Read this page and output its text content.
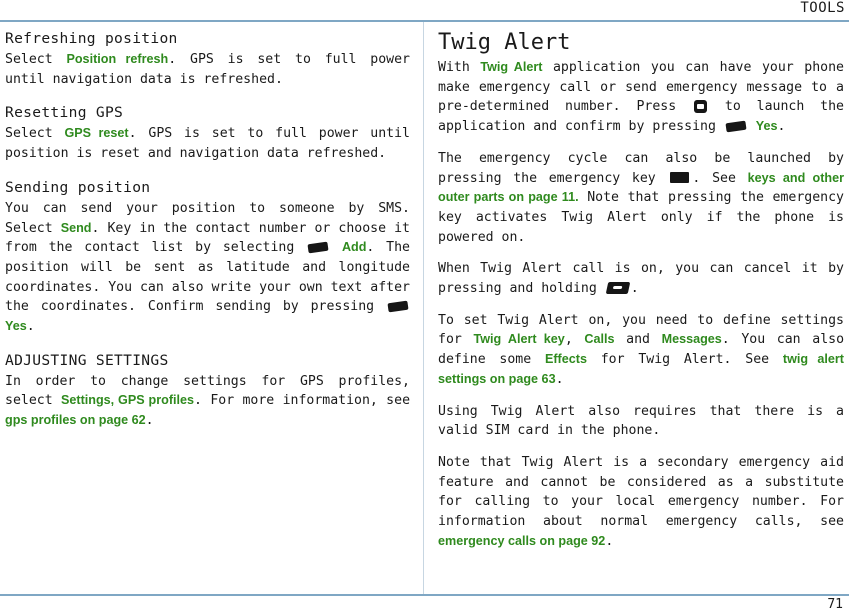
TOOLS
Refreshing position

Select Position refresh. GPS is set to full power until navigation data is refreshed.

Resetting GPS

Select GPS reset. GPS is set to full power until position is reset and navigation data refreshed.

Sending position

You can send your position to someone by SMS. Select Send. Key in the contact number or choose it from the contact list by selecting	Add. The position will be sent as latitude and longitude coordinates. You can also write your own text after the coordinates. Confirm sending by pressing  Yes.

ADJUSTING SETTINGS

In order to change settings for GPS profiles, select Settings, GPS profiles. For more information, see gps profiles on page 62.

Twig Alert

With Twig Alert application you can have your phone make emergency call or send emergency message to a pre-determined number. Press  to launch the application and confirm by pressing	Yes.

The emergency cycle can also be launched by pressing the emergency key . See keys and other outer parts on page 11. Note that pressing the emergency key activates Twig Alert only if the phone is powered on.

When Twig Alert call is on, you can cancel it by pressing and holding .

To set Twig Alert on, you need to define settings for Twig Alert key, Calls and Messages. You can also define some Effects for Twig Alert. See twig alert settings on page 63.

Using Twig Alert also requires that there is a valid SIM card in the phone.

Note that Twig Alert is a secondary emergency aid feature and cannot be considered as a substitute for calling to your local emergency number. For information about normal emergency calls, see emergency calls on page 92.

71
